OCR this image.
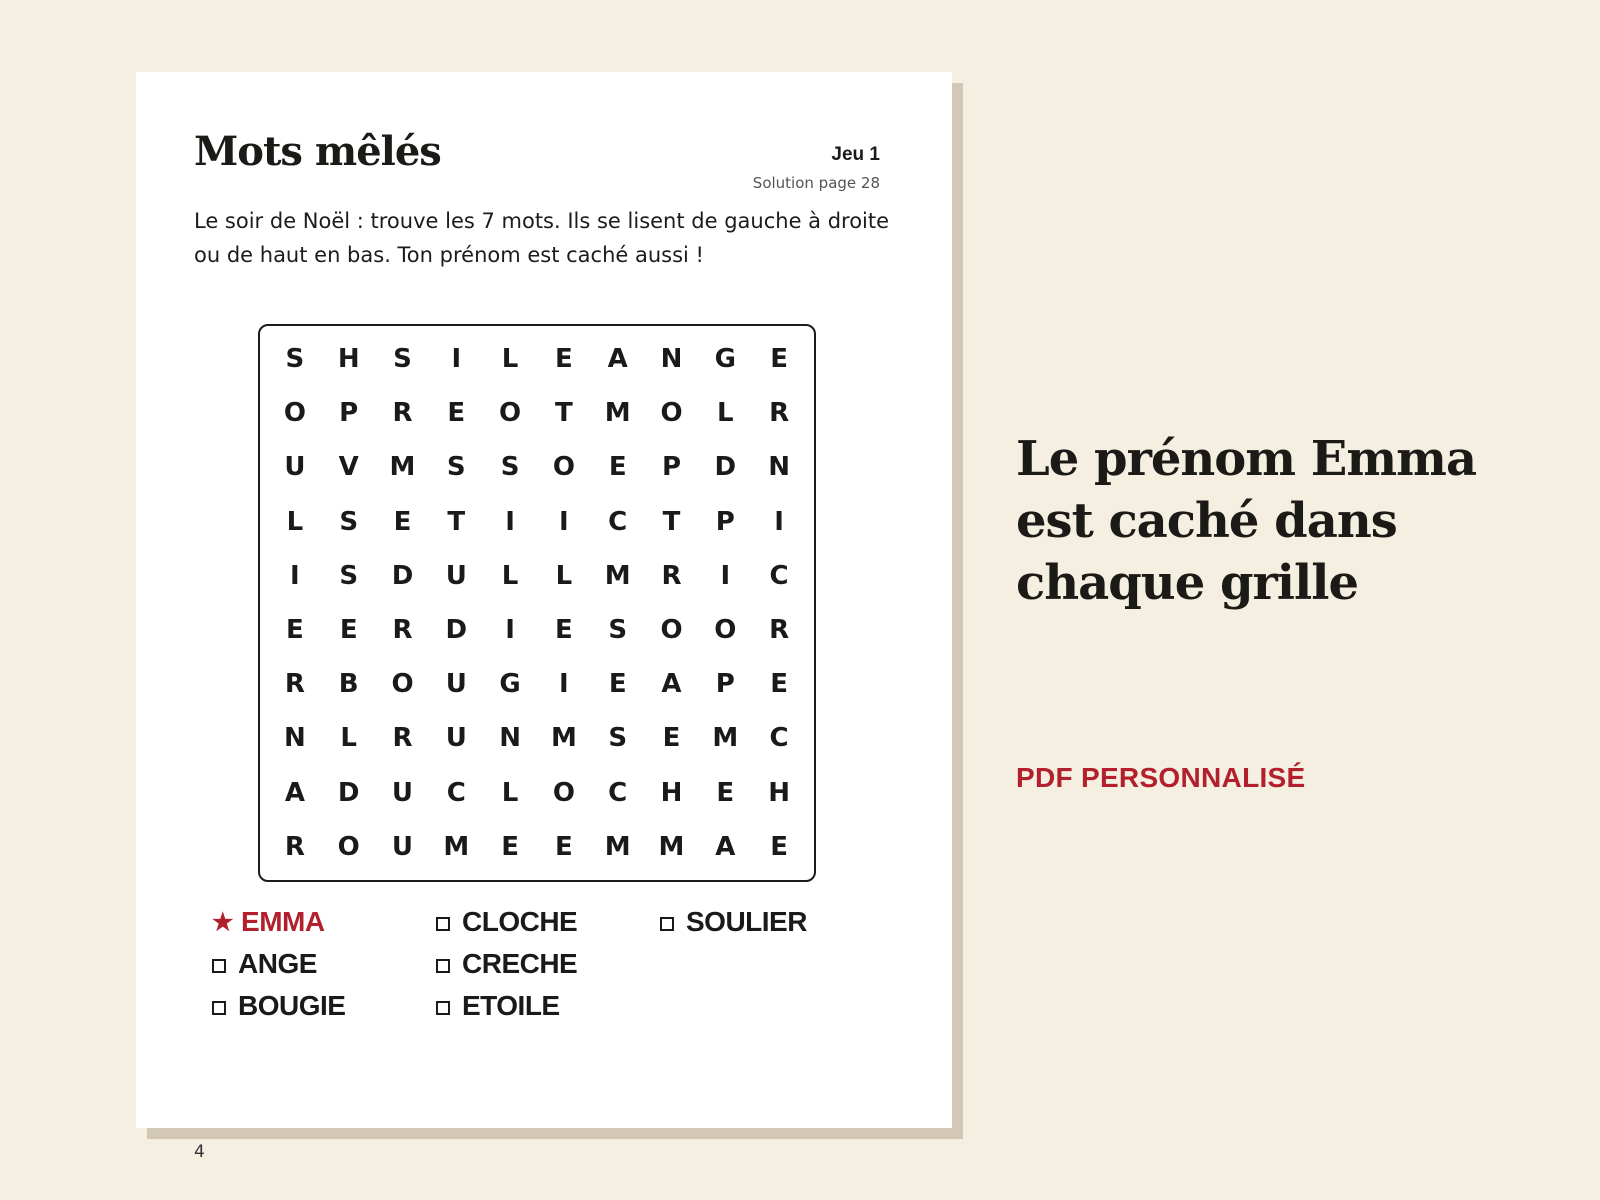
Mots mêlés	Jeu 1
Solution page 28
Le soir de Noël : trouve les 7 mots. Ils se lisent de gauche à droite ou de haut en bas. Ton prénom est caché aussi !
S	H	S	I	L	E	A	N	G	E
O	P	R	E	O	T	M	O	L	R
U	V	M	S	S	O	E	P	D	N
L	S	E	T	I	I	C	T	P	I
I	S	D	U	L	L	M	R	I	C
E	E	R	D	I	E	S	O	O	R
R	B	O	U	G	I	E	A	P	E
N	L	R	U	N	M	S	E	M	C
A	D	U	C	L	O	C	H	E	H
R	O	U	M	E	E	M	M	A	E
★ EMMA
ANGE
BOUGIE
CLOCHE
CRECHE
ETOILE
SOULIER
4
Le prénom Emma est caché dans chaque grille
PDF PERSONNALISÉ
